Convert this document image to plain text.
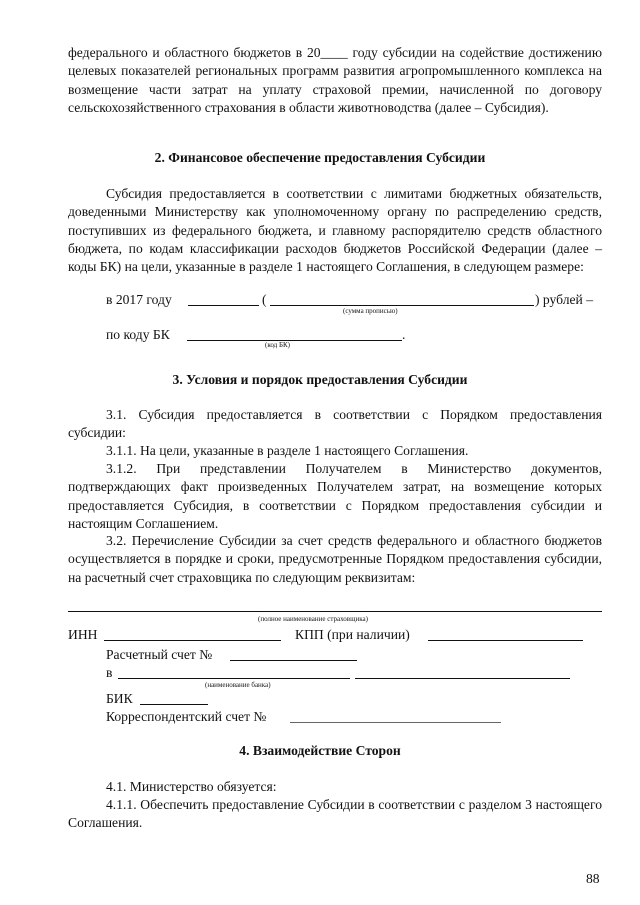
федерального и областного бюджетов в 20____ году субсидии на содействие достижению целевых показателей региональных программ развития агропромышленного комплекса на возмещение части затрат на уплату страховой премии, начисленной по договору сельскохозяйственного страхования в области животноводства (далее – Субсидия).
2. Финансовое обеспечение предоставления Субсидии
Субсидия предоставляется в соответствии с лимитами бюджетных обязательств, доведенными Министерству как уполномоченному органу по распределению средств, поступивших из федерального бюджета, и главному распорядителю средств областного бюджета, по кодам классификации расходов бюджетов Российской Федерации (далее – коды БК) на цели, указанные в разделе 1 настоящего Соглашения, в следующем размере:
в 2017 году	(	) рублей –
(сумма прописью)
по коду БК	.
(код БК)
3. Условия и порядок предоставления Субсидии
3.1. Субсидия предоставляется в соответствии с Порядком предоставления субсидии:
3.1.1. На цели, указанные в разделе 1 настоящего Соглашения.
3.1.2. При представлении Получателем в Министерство документов, подтверждающих факт произведенных Получателем затрат, на возмещение которых предоставляется Субсидия, в соответствии с Порядком предоставления субсидии и настоящим Соглашением.
3.2. Перечисление Субсидии за счет средств федерального и областного бюджетов осуществляется в порядке и сроки, предусмотренные Порядком предоставления субсидии, на расчетный счет страховщика по следующим реквизитам:
(полное наименование страховщика)
ИНН	КПП (при наличии)
Расчетный счет №
в
(наименование банка)
БИК
Корреспондентский счет №
4. Взаимодействие Сторон
4.1. Министерство обязуется:
4.1.1. Обеспечить предоставление Субсидии в соответствии с разделом 3 настоящего Соглашения.
88
